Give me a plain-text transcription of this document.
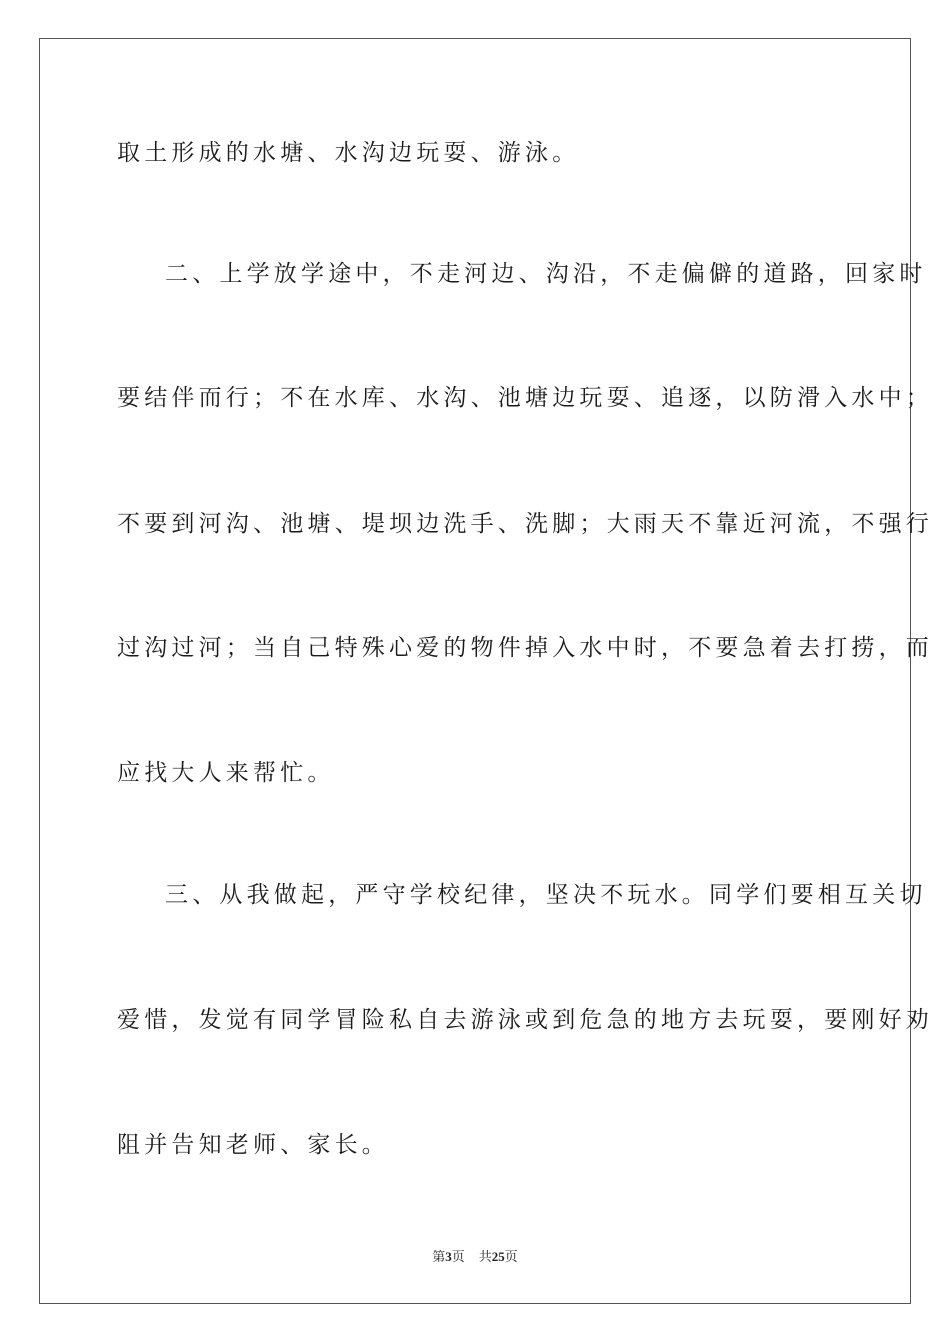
取土形成的水塘、水沟边玩耍、游泳。
二、上学放学途中，不走河边、沟沿，不走偏僻的道路，回家时
要结伴而行；不在水库、水沟、池塘边玩耍、追逐，以防滑入水中；
不要到河沟、池塘、堤坝边洗手、洗脚；大雨天不靠近河流，不强行
过沟过河；当自己特殊心爱的物件掉入水中时，不要急着去打捞，而
应找大人来帮忙。
三、从我做起，严守学校纪律，坚决不玩水。同学们要相互关切
爱惜，发觉有同学冒险私自去游泳或到危急的地方去玩耍，要刚好劝
阻并告知老师、家长。
第3页 共25页
